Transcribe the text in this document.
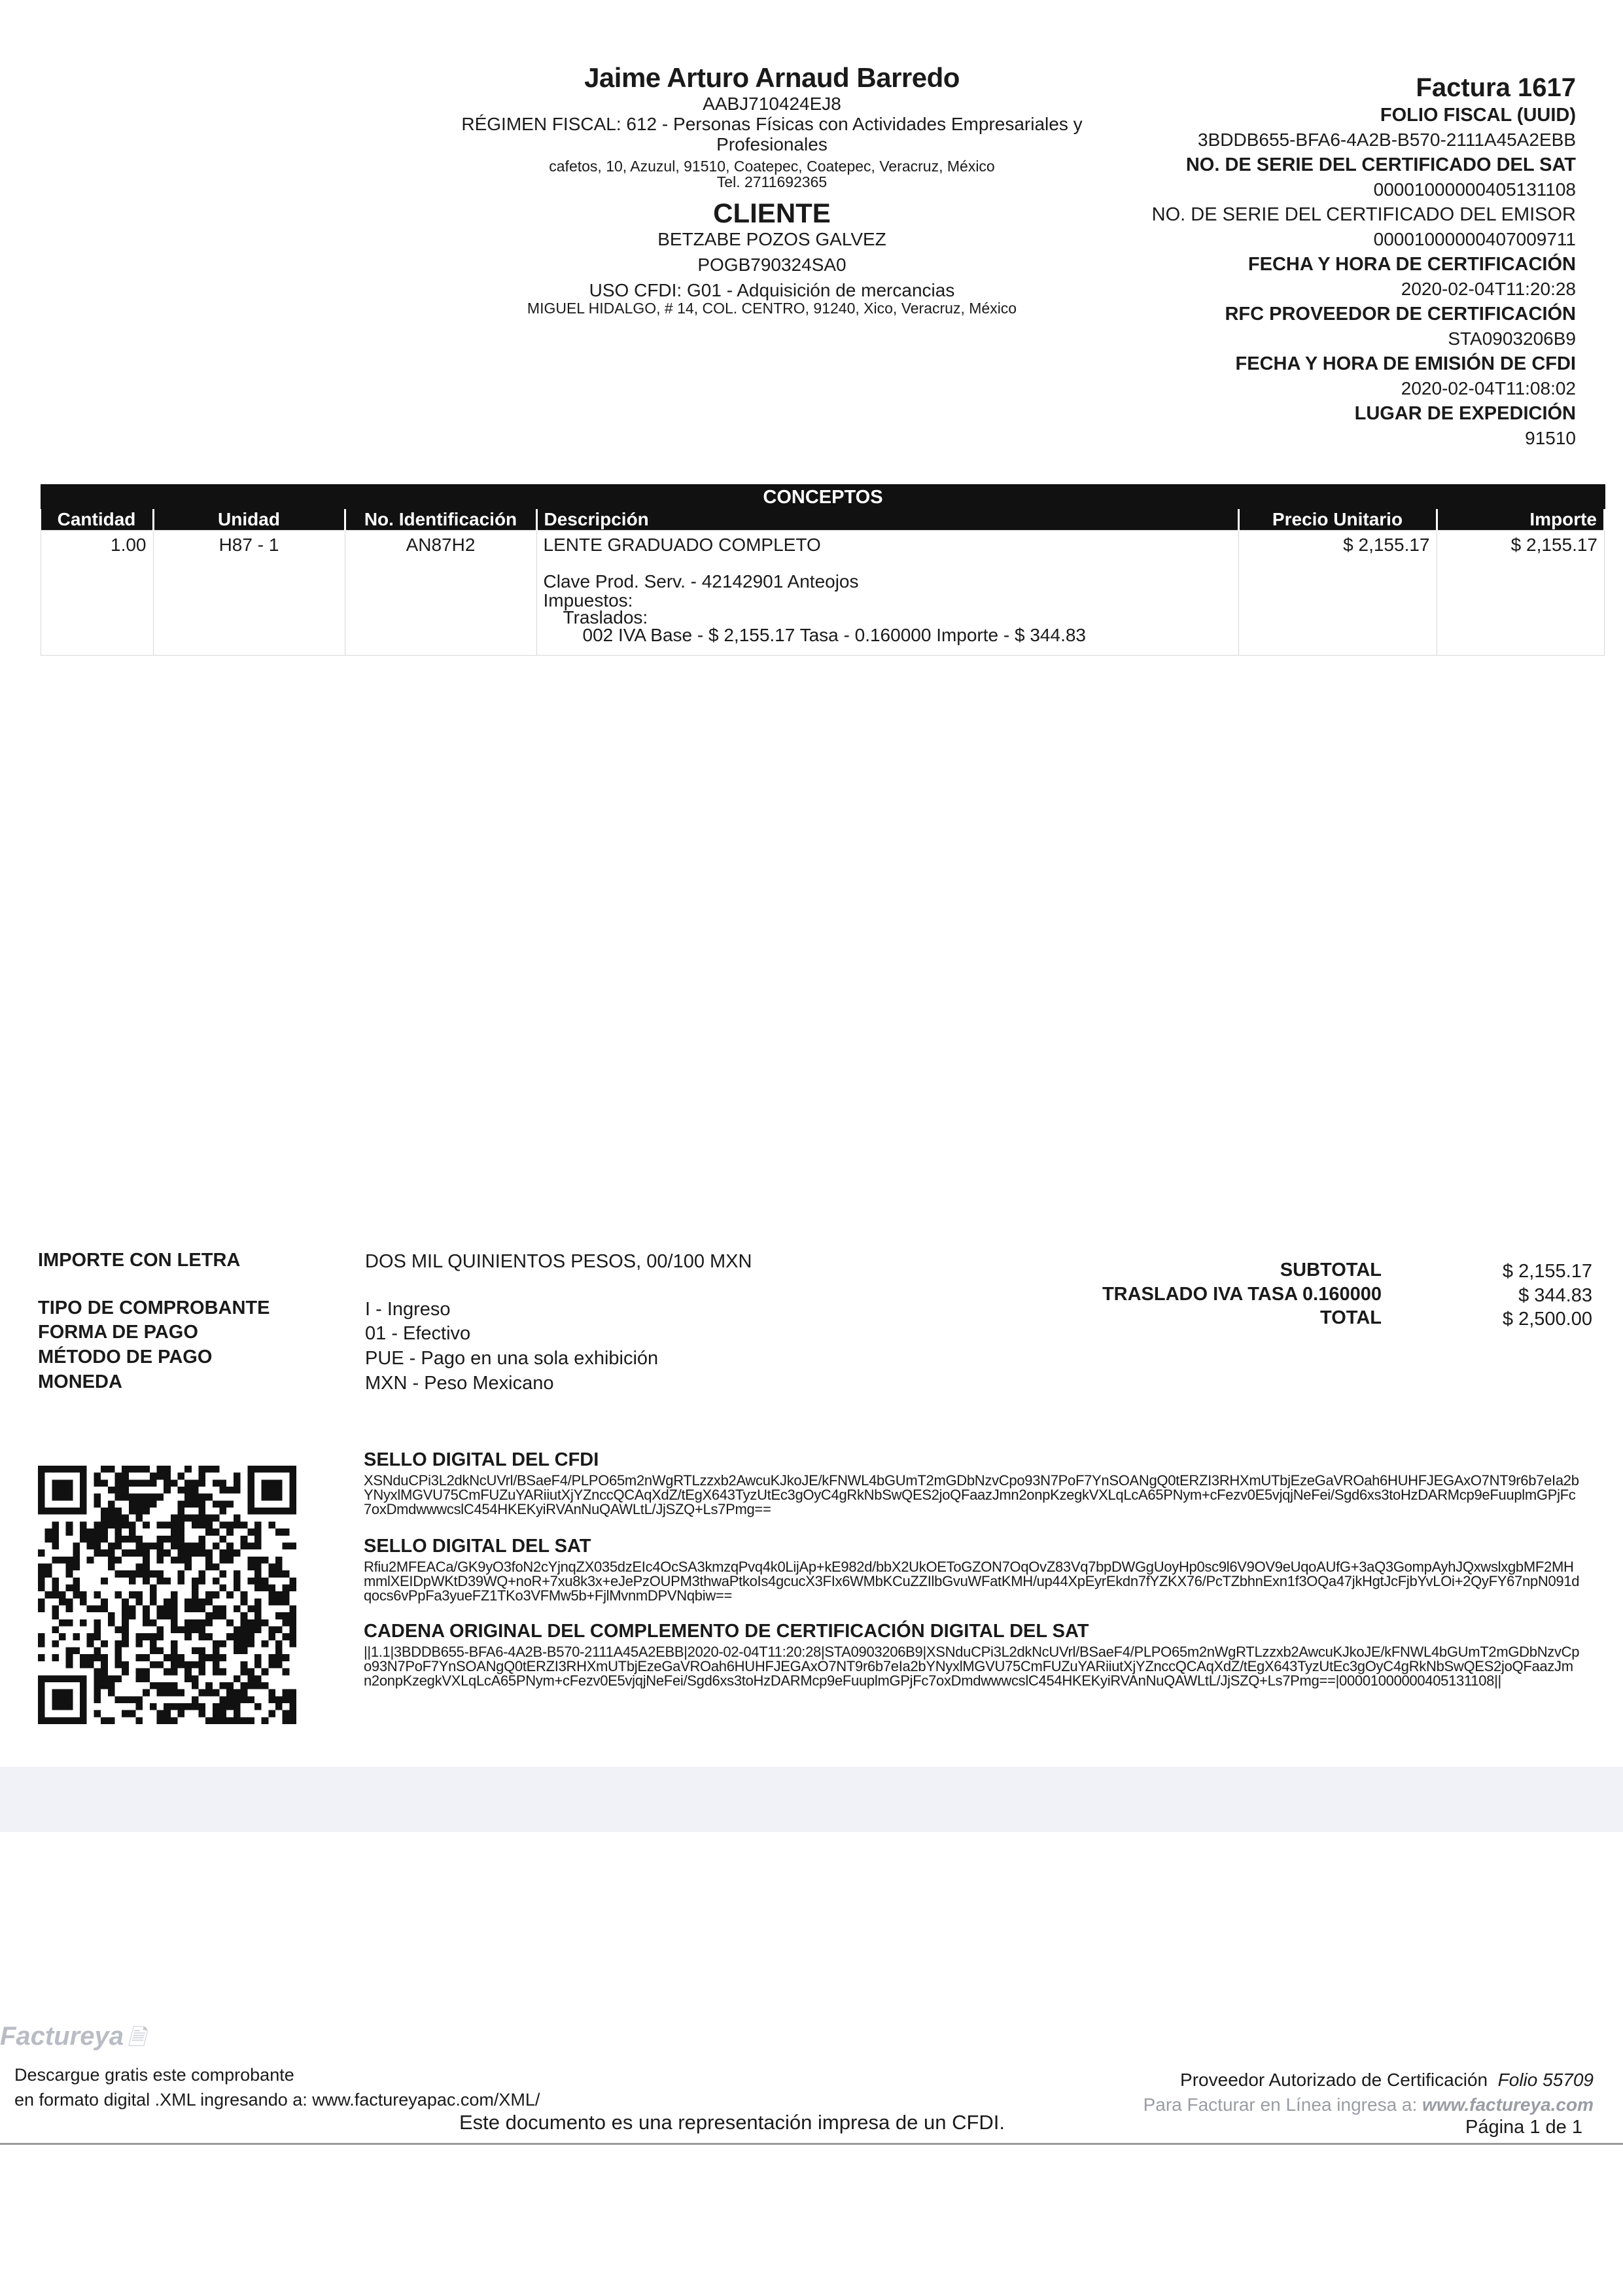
Jaime Arturo Arnaud Barredo
AABJ710424EJ8
RÉGIMEN FISCAL: 612 - Personas Físicas con Actividades Empresariales y Profesionales
cafetos, 10, Azuzul, 91510, Coatepec, Coatepec, Veracruz, México
Tel. 2711692365
CLIENTE
BETZABE POZOS GALVEZ
POGB790324SA0
USO CFDI: G01 - Adquisición de mercancias
MIGUEL HIDALGO, # 14, COL. CENTRO, 91240, Xico, Veracruz, México
Factura 1617
FOLIO FISCAL (UUID)
3BDDB655-BFA6-4A2B-B570-2111A45A2EBB
NO. DE SERIE DEL CERTIFICADO DEL SAT
00001000000405131108
NO. DE SERIE DEL CERTIFICADO DEL EMISOR
00001000000407009711
FECHA Y HORA DE CERTIFICACIÓN
2020-02-04T11:20:28
RFC PROVEEDOR DE CERTIFICACIÓN
STA0903206B9
FECHA Y HORA DE EMISIÓN DE CFDI
2020-02-04T11:08:02
LUGAR DE EXPEDICIÓN
91510
CONCEPTOS
Cantidad	Unidad	No. Identificación	Descripción	Precio Unitario	Importe
1.00	H87 - 1	AN87H2	LENTE GRADUADO COMPLETO
Clave Prod. Serv. - 42142901 Anteojos
Impuestos:
Traslados:
002 IVA Base - $ 2,155.17 Tasa - 0.160000 Importe - $ 344.83	$ 2,155.17	$ 2,155.17
IMPORTE CON LETRA	DOS MIL QUINIENTOS PESOS, 00/100 MXN
TIPO DE COMPROBANTE	I - Ingreso
FORMA DE PAGO	01 - Efectivo
MÉTODO DE PAGO	PUE - Pago en una sola exhibición
MONEDA	MXN - Peso Mexicano
SUBTOTAL	$ 2,155.17
TRASLADO IVA TASA 0.160000	$ 344.83
TOTAL	$ 2,500.00
SELLO DIGITAL DEL CFDI
XSNduCPi3L2dkNcUVrl/BSaeF4/PLPO65m2nWgRTLzzxb2AwcuKJkoJE/kFNWL4bGUmT2mGDbNzvCpo93N7PoF7YnSOANgQ0tERZI3RHXmUTbjEzeGaVROah6HUHFJEGAxO7NT9r6b7eIa2bYNyxlMGVU75CmFUZuYARiiutXjYZnccQCAqXdZ/tEgX643TyzUtEc3gOyC4gRkNbSwQES2joQFaazJmn2onpKzegkVXLqLcA65PNym+cFezv0E5vjqjNeFei/Sgd6xs3toHzDARMcp9eFuuplmGPjFc7oxDmdwwwcslC454HKEKyiRVAnNuQAWLtL/JjSZQ+Ls7Pmg==
SELLO DIGITAL DEL SAT
Rfiu2MFEACa/GK9yO3foN2cYjnqZX035dzEIc4OcSA3kmzqPvq4k0LijAp+kE982d/bbX2UkOEToGZON7OqOvZ83Vq7bpDWGgUoyHp0sc9l6V9OV9eUqoAUfG+3aQ3GompAyhJQxwslxgbMF2MHmmlXEIDpWKtD39WQ+noR+7xu8k3x+eJePzOUPM3thwaPtkoIs4gcucX3FIx6WMbKCuZZIlbGvuWFatKMH/up44XpEyrEkdn7fYZKX76/PcTZbhnExn1f3OQa47jkHgtJcFjbYvLOi+2QyFY67npN091dqocs6vPpFa3yueFZ1TKo3VFMw5b+FjlMvnmDPVNqbiw==
CADENA ORIGINAL DEL COMPLEMENTO DE CERTIFICACIÓN DIGITAL DEL SAT
||1.1|3BDDB655-BFA6-4A2B-B570-2111A45A2EBB|2020-02-04T11:20:28|STA0903206B9|XSNduCPi3L2dkNcUVrl/BSaeF4/PLPO65m2nWgRTLzzxb2AwcuKJkoJE/kFNWL4bGUmT2mGDbNzvCpo93N7PoF7YnSOANgQ0tERZI3RHXmUTbjEzeGaVROah6HUHFJEGAxO7NT9r6b7eIa2bYNyxlMGVU75CmFUZuYARiiutXjYZnccQCAqXdZ/tEgX643TyzUtEc3gOyC4gRkNbSwQES2joQFaazJmn2onpKzegkVXLqLcA65PNym+cFezv0E5vjqjNeFei/Sgd6xs3toHzDARMcp9eFuuplmGPjFc7oxDmdwwwcslC454HKEKyiRVAnNuQAWLtL/JjSZQ+Ls7Pmg==|00001000000405131108||
Factureya 🗎
Descargue gratis este comprobante
en formato digital .XML ingresando a: www.factureyapac.com/XML/
Este documento es una representación impresa de un CFDI.
Proveedor Autorizado de Certificación Folio 55709
Para Facturar en Línea ingresa a: www.factureya.com
Página 1 de 1
